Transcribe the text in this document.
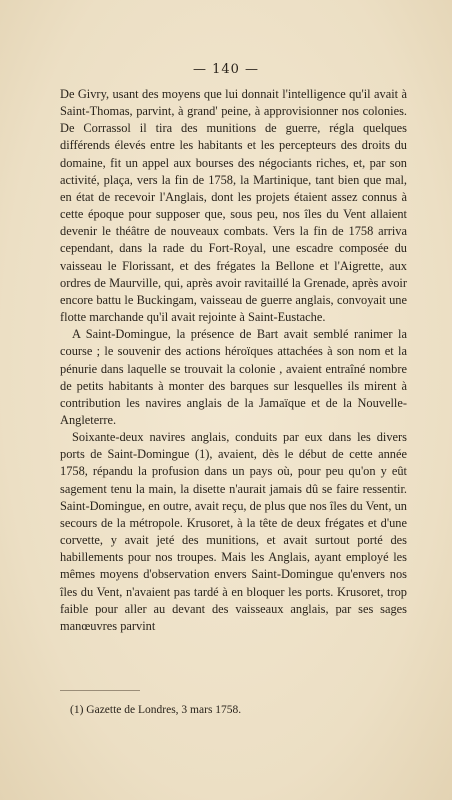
— 140 —

De Givry, usant des moyens que lui donnait l'intelligence qu'il avait à Saint-Thomas, parvint, à grand' peine, à approvisionner nos colonies. De Corrassol il tira des munitions de guerre, régla quelques différends élevés entre les habitants et les percepteurs des droits du domaine, fit un appel aux bourses des négociants riches, et, par son activité, plaça, vers la fin de 1758, la Martinique, tant bien que mal, en état de recevoir l'Anglais, dont les projets étaient assez connus à cette époque pour supposer que, sous peu, nos îles du Vent allaient devenir le théâtre de nouveaux combats. Vers la fin de 1758 arriva cependant, dans la rade du Fort-Royal, une escadre composée du vaisseau le Florissant, et des frégates la Bellone et l'Aigrette, aux ordres de Maurville, qui, après avoir ravitaillé la Grenade, après avoir encore battu le Buckingam, vaisseau de guerre anglais, convoyait une flotte marchande qu'il avait rejointe à Saint-Eustache.

A Saint-Domingue, la présence de Bart avait semblé ranimer la course ; le souvenir des actions héroïques attachées à son nom et la pénurie dans laquelle se trouvait la colonie , avaient entraîné nombre de petits habitants à monter des barques sur lesquelles ils mirent à contribution les navires anglais de la Jamaïque et de la Nouvelle-Angleterre.

Soixante-deux navires anglais, conduits par eux dans les divers ports de Saint-Domingue (1), avaient, dès le début de cette année 1758, répandu la profusion dans un pays où, pour peu qu'on y eût sagement tenu la main, la disette n'aurait jamais dû se faire ressentir. Saint-Domingue, en outre, avait reçu, de plus que nos îles du Vent, un secours de la métropole. Krusoret, à la tête de deux frégates et d'une corvette, y avait jeté des munitions, et avait surtout porté des habillements pour nos troupes. Mais les Anglais, ayant employé les mêmes moyens d'observation envers Saint-Domingue qu'envers nos îles du Vent, n'avaient pas tardé à en bloquer les ports. Krusoret, trop faible pour aller au devant des vaisseaux anglais, par ses sages manœuvres parvint

(1) Gazette de Londres, 3 mars 1758.
